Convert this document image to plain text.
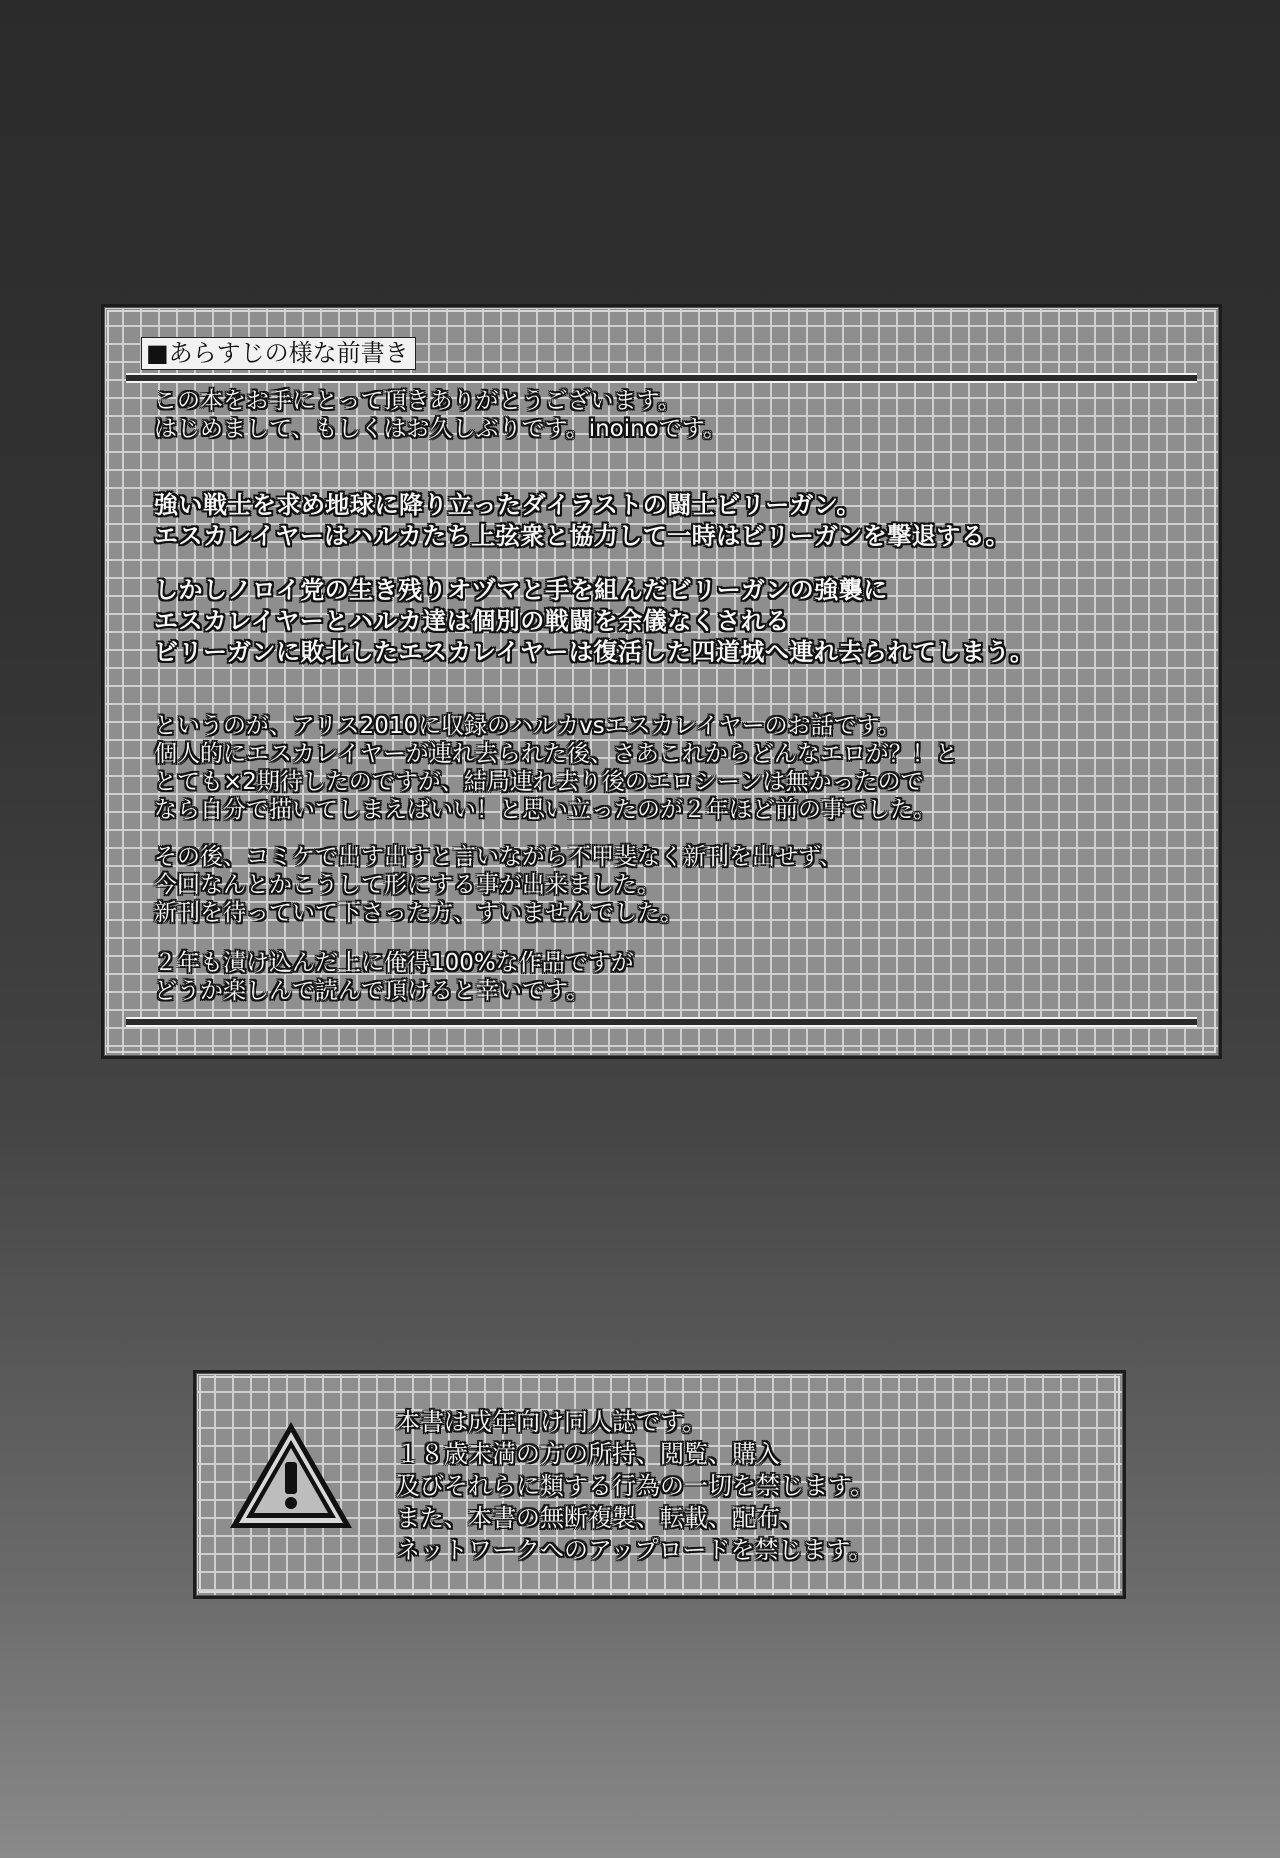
■あらすじの様な前書き

この本をお手にとって頂きありがとうございます。
はじめまして、もしくはお久しぶりです。inoinoです。

強い戦士を求め地球に降り立ったダイラストの闘士ビリーガン。
エスカレイヤーはハルカたち上弦衆と協力して一時はビリーガンを撃退する。

しかしノロイ党の生き残りオヅマと手を組んだビリーガンの強襲に
エスカレイヤーとハルカ達は個別の戦闘を余儀なくされる
ビリーガンに敗北したエスカレイヤーは復活した四道城へ連れ去られてしまう。

というのが、アリス2010に収録のハルカvsエスカレイヤーのお話です。
個人的にエスカレイヤーが連れ去られた後、さあこれからどんなエロが？！と
とても×2期待したのですが、結局連れ去り後のエロシーンは無かったので
なら自分で描いてしまえばいい！と思い立ったのが２年ほど前の事でした。

その後、コミケで出す出すと言いながら不甲斐なく新刊を出せず、
今回なんとかこうして形にする事が出来ました。
新刊を待っていて下さった方、すいませんでした。

２年も漬け込んだ上に俺得100%な作品ですが
どうか楽しんで読んで頂けると幸いです。

本書は成年向け同人誌です。
１８歳未満の方の所持、閲覧、購入
及びそれらに類する行為の一切を禁じます。
また、本書の無断複製、転載、配布、
ネットワークへのアップロードを禁じます。
